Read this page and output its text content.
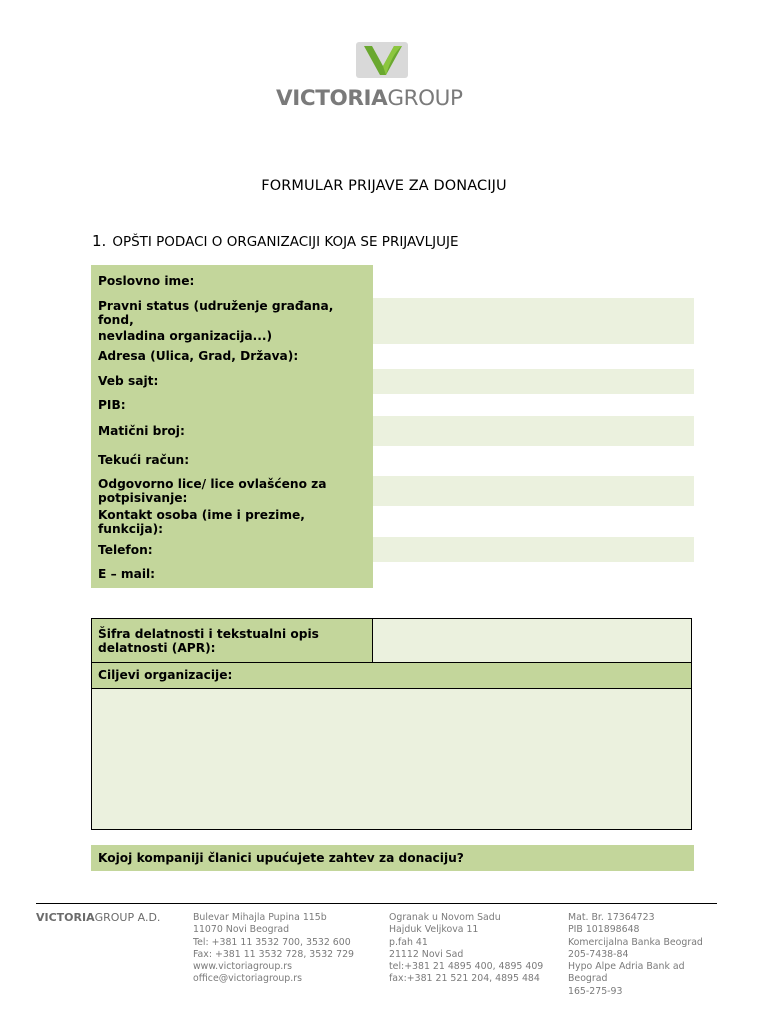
VICTORIAGROUP
FORMULAR PRIJAVE ZA DONACIJU
1. OPŠTI PODACI O ORGANIZACIJI KOJA SE PRIJAVLJUJE
Poslovno ime:
Pravni status (udruženje građana,
fond,
nevladina organizacija...)
Adresa (Ulica, Grad, Država):
Veb sajt:
PIB:
Matični broj:
Tekući račun:
Odgovorno lice/ lice ovlašćeno za
potpisivanje:
Kontakt osoba (ime i prezime,
funkcija):
Telefon:
E – mail:
Šifra delatnosti i tekstualni opis
delatnosti (APR):
Ciljevi organizacije:
Kojoj kompaniji članici upućujete zahtev za donaciju?
VICTORIAGROUP A.D.	Bulevar Mihajla Pupina 115b
11070 Novi Beograd
Tel: +381 11 3532 700, 3532 600
Fax: +381 11 3532 728, 3532 729
www.victoriagroup.rs
office@victoriagroup.rs
Ogranak u Novom Sadu
Hajduk Veljkova 11
p.fah 41
21112 Novi Sad
tel:+381 21 4895 400, 4895 409
fax:+381 21 521 204, 4895 484
Mat. Br. 17364723
PIB 101898648
Komercijalna Banka Beograd
205-7438-84
Hypo Alpe Adria Bank ad
Beograd
165-275-93
